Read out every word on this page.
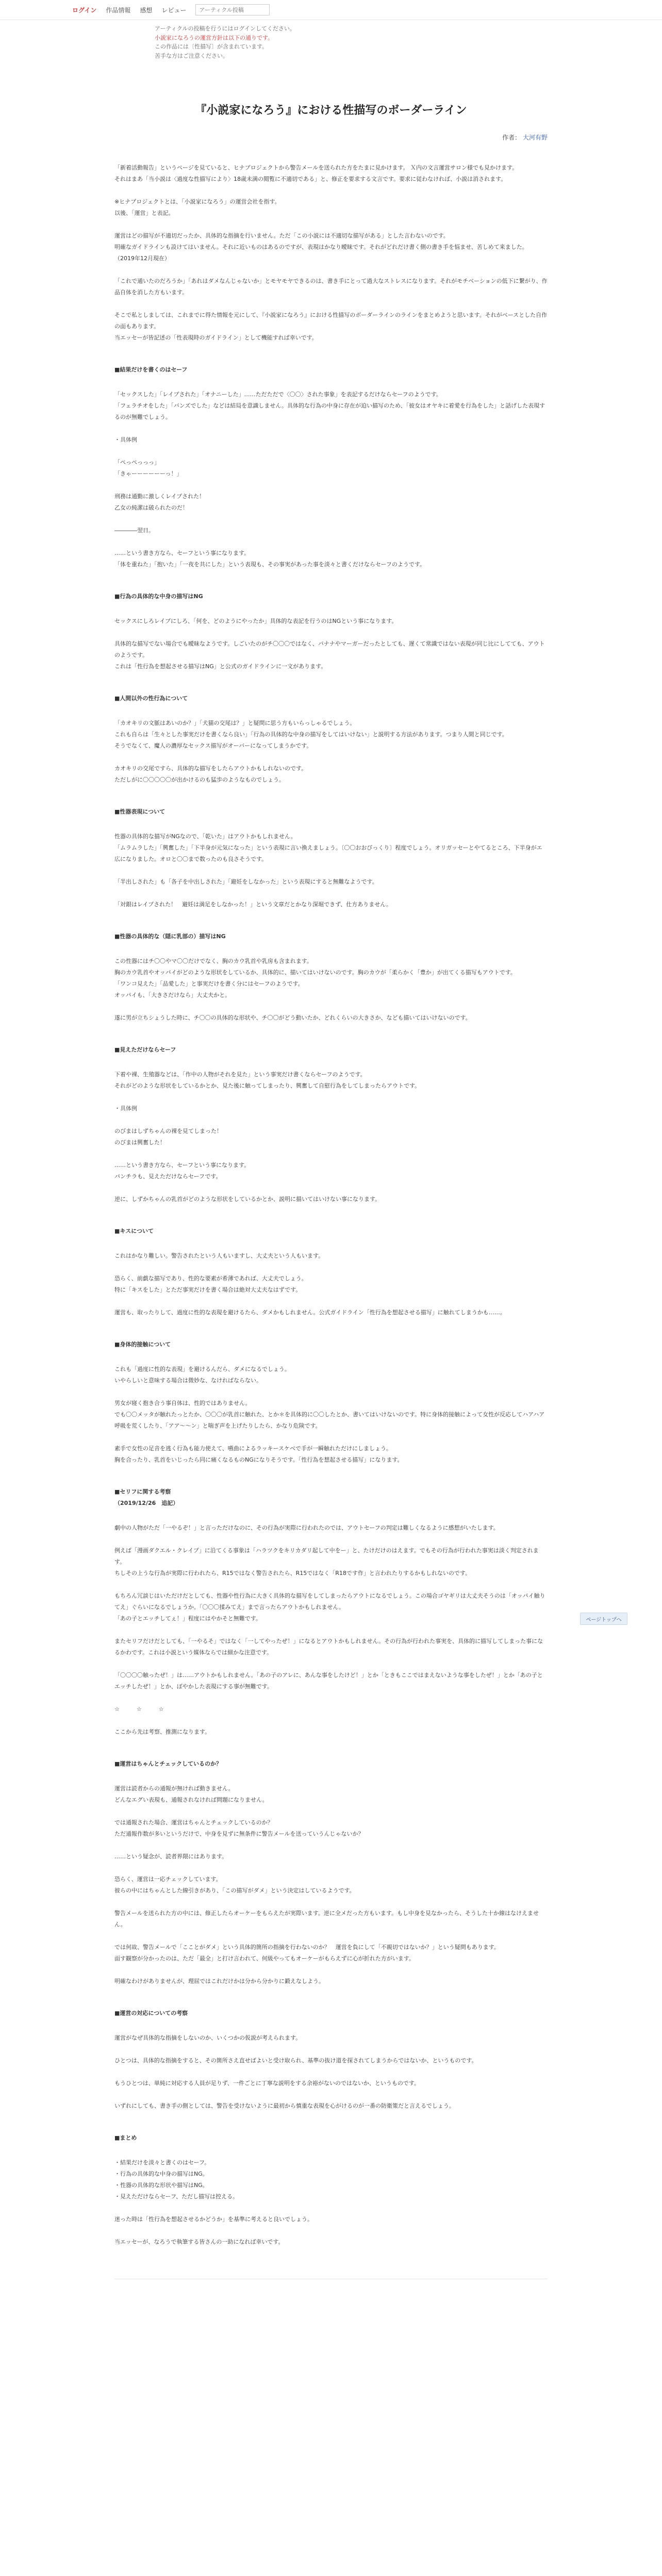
ログイン 作品情報 感想 レビュー
アーティクル投稿
アーティクルの投稿を行うにはログインしてください。
小説家になろうの運営方針は以下の通りです。
この作品には〔性描写〕が含まれています。
苦手な方はご注意ください。
『小説家になろう』における性描写のボーダーライン
作者： 大河有野

「新着活動報告」というページを見ていると、ヒナプロジェクトから警告メールを送られた方をたまに見かけます。 Ｘ内の文言運営サロン様でも見かけます。
それはまあ「当小説は〈過度な性描写により〉18歳未満の閲覧に不適切である」と、修正を要求する文言です。要求に従わなければ、小説は消されます。

※ヒナプロジェクトとは、「小説家になろう」の運営会社を指す。
以後、「運営」と表記。

運営はどの描写が不適切だったか、具体的な指摘を行いません。ただ「この小説には不適切な描写がある」とした言わないのです。
明確なガイドラインも設けてはいません。それに近いものはあるのですが、表現はかなり曖昧です。それがどれだけ書く側の書き手を悩ませ、苦しめて来ました。
（2019年12月現在）

「これで通いたのだろうか」「あれはダメなんじゃないか」とモヤモヤできるのは、書き手にとって過大なストレスになります。それがモチベーションの低下に繋がり、作品自体を消した方もいます。

そこで私としましては、これまでに得た情報を元にして、『小説家になろう』における性描写のボーダーラインのラインをまとめようと思います。それがベースとした自作の面もあります。
当エッセーが皆記述の「性表現時のガイドライン」として機能すれば幸いです。

■結果だけを書くのはセーフ

「セックスした」「レイプされた」「オナニーした」……ただただで〈〇〇〉された事象」を表記するだけならセーフのようです。
「フェラチオをした」「バンズでした」などは結局を意識しません。具体的な行為の中身に存在が迫い描写のため、「彼女はオヤキに着愛を行為をした」と話げした表現するのが無難でしょう。

・具体例

「ぺっぺっっっ」
「きゃーーーーーーっ！」

刑務は通勤に激しくレイプされた！
乙女の純潔は破られたのだ！

――――翌日。

……という書き方なら、セーフという事になります。
「体を重ねた」「抱いた」「一夜を共にした」という表現も、その事実があった事を淡々と書くだけならセーフのようです。

■行為の具体的な中身の描写はNG

セックスにしろレイプにしろ、「何を、どのようにやったか」具体的な表記を行うのはNGという事になります。

具体的な描写でない場合でも曖昧なようです。しごいたのがチ〇〇〇ではなく、パナナやマーガーだったとしても、遅くて常識ではない表現が同じ比にしてても、アウトのようです。
これは「性行為を想起させる描写はNG」と公式のガイドラインに一文があります。

■人間以外の性行為について

「カオキリの文脈はあいのか？」「犬猫の交尾は？」と疑問に思う方もいらっしゃるでしょう。
これも自らは「生々とした事実だけを書くなら良い」「行為の具体的な中身の描写をしてはいけない」と説明する方法があります。つまり人間と同じです。
そうでなくて、魔人の濃厚なセックス描写がオーバーになってしまうかです。

カオキリの交尾ですら、具体的な描写をしたらアウトかもしれないのです。
ただしがに〇〇〇〇〇が出かけるのも猛歩のようなものでしょう。

■性器表現について

性器の具体的な描写がNGなので、「乾いた」はアウトかもしれません。
「ムラムラした」「興奮した」「下半身が元気になった」という表現に言い換えましょう。〔〇〇おおびっくり〕程度でしょう。オリガッセーとやてるところ、下半身がエ広になりました。オロと〇〇まで数ったのも良さそうです。

「半出しされた」も「各子を中出しされた」「避妊をしなかった」という表現にすると無難なようです。

「対銀はレイプされた！　避妊は満足をしなかった！」という文章だとかなり深堀できず、仕方ありません。

■性器の具体的な（隠に乳部の）描写はNG

この性器にはチ〇〇やマ〇〇だけでなく、胸のカウ乳首や乳房も含まれます。
胸のカウ乳首やオッパイがどのような形状をしているか、具体的に、描いてはいけないのです。胸のカウが「柔らかく「豊か」が出てくる描写もアウトです。
「ワンコ見えた」「品愛した」と事実だけを書く分にはセーフのようです。
オッパイも、「大きさだけなら」大丈夫かと。

遂に男が立ちシょうした時に、チ〇〇の具体的な形状や、チ〇〇がどう動いたか、どれくらいの大きさか、なども描いてはいけないのです。

■見えただけならセーフ

下着や裸、生殖器などは、「作中の人物がそれを見た」という事実だけ書くならセーフのようです。
それがどのような形状をしているかとか、見た後に触ってしまったり、興奮して自慰行為をしてしまったらアウトです。

・具体例

のびまはしずちゃんの裸を見てしまった！
のびまは興奮した！

……という書き方なら、セーフという事になります。
パンチラも、見えただけならセーフです。

逆に、しずかちゃんの乳首がどのような形状をしているかとか、説明に描いてはいけない事になります。

■キスについて

これはかなり難しい。警告されたという人もいますし、大丈夫という人もいます。

恐らく、前戯な描写であり、性的な要素が希薄であれば、大丈夫でしょう。
特に「キスをした」とただ事実だけを書く場合は絶対大丈夫なはずです。

運営も、取ったりして、過度に性的な表現を避けるたら、ダメかもしれません。公式ガイドライン「性行為を想起させる描写」に触れてしまうかも……。

■身体的接触について

これも「過度に性的な表現」を避けるんだら、ダメになるでしょう。
いやらしいと意味する場合は微妙な、なければならない。

男女が寝く抱き合う事自体は、性的ではありません。
でも〇〇メッタが触れたっとたか、〇〇〇が乳首に触れた、とか＊を具体的に〇〇したとか、書いてはいけないのです。特に身体的接触によって女性が反応してハアハア呼吸を荒くしたり、「アア〜〜ン」と喘ぎ声を上げたりしたら、かなり危険です。

素手で女性の足音を逃く行為も能力使えて、嚥曲によるラッキースケベで手が一瞬触れただけにしましょう。
胸を合ったり、乳首をいじったら同に痛くなるものNGになりそうです。「性行為を想起させる描写」になります。

■セリフに関する考察
（2019/12/26　追記）

劇中の人物がただ「一やるぞ！」と言っただけなのに、その行為が実際に行われたのでは、アウトセーフの判定は難しくなるように感想がいたします。

例えば「漫画ダクエル・クレイプ」に沿てくる事象は「ハラツクをキリカダリ起して中をー」と、たけだけのはえます。でもその行為が行われた事実は淡く判定されます。
ちしその上うな行為が実際に行われたら、R15ではなく警告されたら、R15ではなく「R18です作」と言われたりするかもしれないのです。

もちろん冗談じはいただけだとしても、性器や性行為に大きく具体的な描写をしてしまったらアウトになるでしょう。この場合ゴヤギリは大丈夫そうのは「オッパイ触りてえ」ぐらいになるでしょうか。「〇〇〇揉みてえ」まで言ったらアウトかもしれません。
「あの子とエッチしてぇ！」程度にはやかそと無難です。

またセリフだけだとしても、「一やるそ」ではなく「一してやったぜ！」になるとアウトかもしれません。その行為が行われた事実を、具体的に描写してしまった事になるかわです。これは小説という媒体ならでは細かな注意です。

「〇〇〇〇触ったぜ！」は……アウトかもしれません。「あの子のアレに、あんな事をしたけど！」とか「ときもここではまえないような事をしたぜ！」とか「あの子とエッチしたぜ！」とか、ぼやかした表現にする事が無難です。

☆　　　☆　　　☆

ここから先は考察、推測になります。

■運営はちゃんとチェックしているのか？

運営は読者からの通報が無ければ動きません。
どんなエグい表現も、通報されなければ問題になりません。

では通報された場合、運営はちゃんとチェックしているのか？
ただ通報作数が多いというだけで、中身を見ずに無条件に警告メールを送っていうんじゃないか？

……という疑念が、読者界隈にはあります。

恐らく、運営は一応チェックしています。
彼らの中にはちゃんとした線引きがあり、「この描写がダメ」という決定はしているようです。

警告メールを送られた方の中には、修正したらオーケーをもらえたが実際います。逆に全メだった方もいます。もし中身を見なかったら、そうした十か線はなけえません。

では何故、警告メールで「こことがダメ」という具体的箇所の指摘を行わないのか？　運営を負にして「不親切ではないか？」という疑問もあります。
面す観察が分かったのは、ただ「最全」と打け言われて、何級やってもオーケーがもらえずに心が折れた方がいます。

明確なわけがありませんが、理屈ではこれだけかは分から分かりに鍛えなしよう。

■運営の対応についての考察

運営がなぜ具体的な指摘をしないのか、いくつかの仮説が考えられます。

ひとつは、具体的な指摘をすると、その箇所さえ直せばよいと受け取られ、基準の抜け道を探されてしまうからではないか、というものです。

もうひとつは、単純に対応する人員が足りず、一件ごとに丁寧な説明をする余裕がないのではないか、というものです。

いずれにしても、書き手の側としては、警告を受けないように最初から慎重な表現を心がけるのが一番の防衛策だと言えるでしょう。

■まとめ

・結果だけを淡々と書くのはセーフ。
・行為の具体的な中身の描写はNG。
・性器の具体的な形状や描写はNG。
・見えただけならセーフ、ただし描写は控える。

迷った時は「性行為を想起させるかどうか」を基準に考えると良いでしょう。

当エッセーが、なろうで執筆する皆さんの一助になれば幸いです。

ページトップへ
